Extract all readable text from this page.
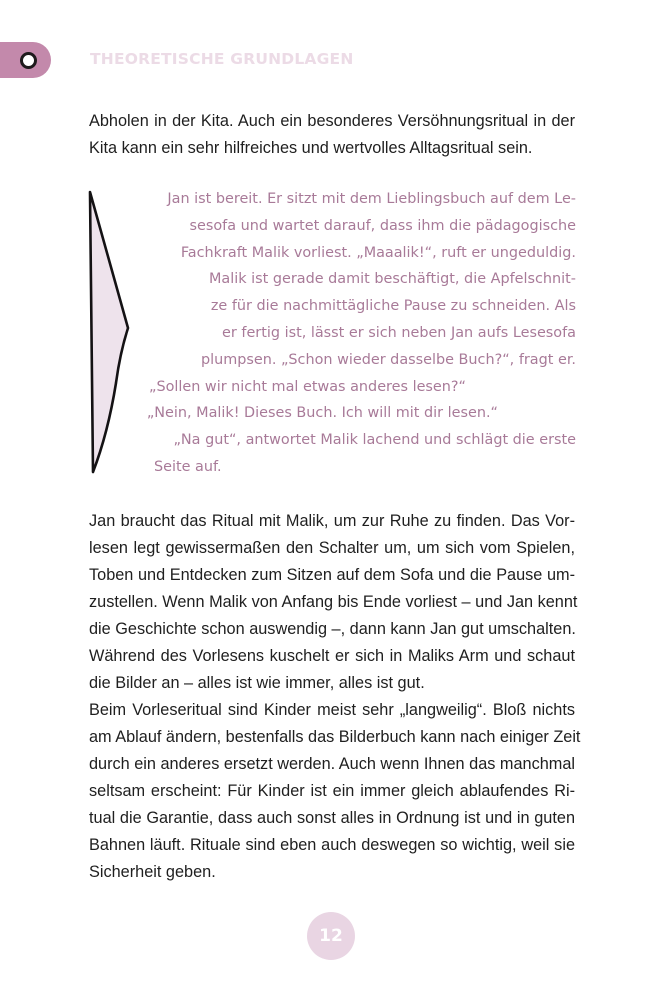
THEORETISCHE GRUNDLAGEN
Abholen in der Kita. Auch ein besonderes Versöhnungsritual in der
Kita kann ein sehr hilfreiches und wertvolles Alltagsritual sein.
Jan ist bereit. Er sitzt mit dem Lieblingsbuch auf dem Le-
sesofa und wartet darauf, dass ihm die pädagogische
Fachkraft Malik vorliest. „Maaalik!“, ruft er ungeduldig.
Malik ist gerade damit beschäftigt, die Apfelschnit-
ze für die nachmittägliche Pause zu schneiden. Als
er fertig ist, lässt er sich neben Jan aufs Lesesofa
plumpsen. „Schon wieder dasselbe Buch?“, fragt er.
„Sollen wir nicht mal etwas anderes lesen?“
„Nein, Malik! Dieses Buch. Ich will mit dir lesen.“
„Na gut“, antwortet Malik lachend und schlägt die erste
Seite auf.
Jan braucht das Ritual mit Malik, um zur Ruhe zu finden. Das Vor-
lesen legt gewissermaßen den Schalter um, um sich vom Spielen,
Toben und Entdecken zum Sitzen auf dem Sofa und die Pause um-
zustellen. Wenn Malik von Anfang bis Ende vorliest – und Jan kennt
die Geschichte schon auswendig –, dann kann Jan gut umschalten.
Während des Vorlesens kuschelt er sich in Maliks Arm und schaut
die Bilder an – alles ist wie immer, alles ist gut.
Beim Vorleseritual sind Kinder meist sehr „langweilig“. Bloß nichts
am Ablauf ändern, bestenfalls das Bilderbuch kann nach einiger Zeit
durch ein anderes ersetzt werden. Auch wenn Ihnen das manchmal
seltsam erscheint: Für Kinder ist ein immer gleich ablaufendes Ri-
tual die Garantie, dass auch sonst alles in Ordnung ist und in guten
Bahnen läuft. Rituale sind eben auch deswegen so wichtig, weil sie
Sicherheit geben.
12
